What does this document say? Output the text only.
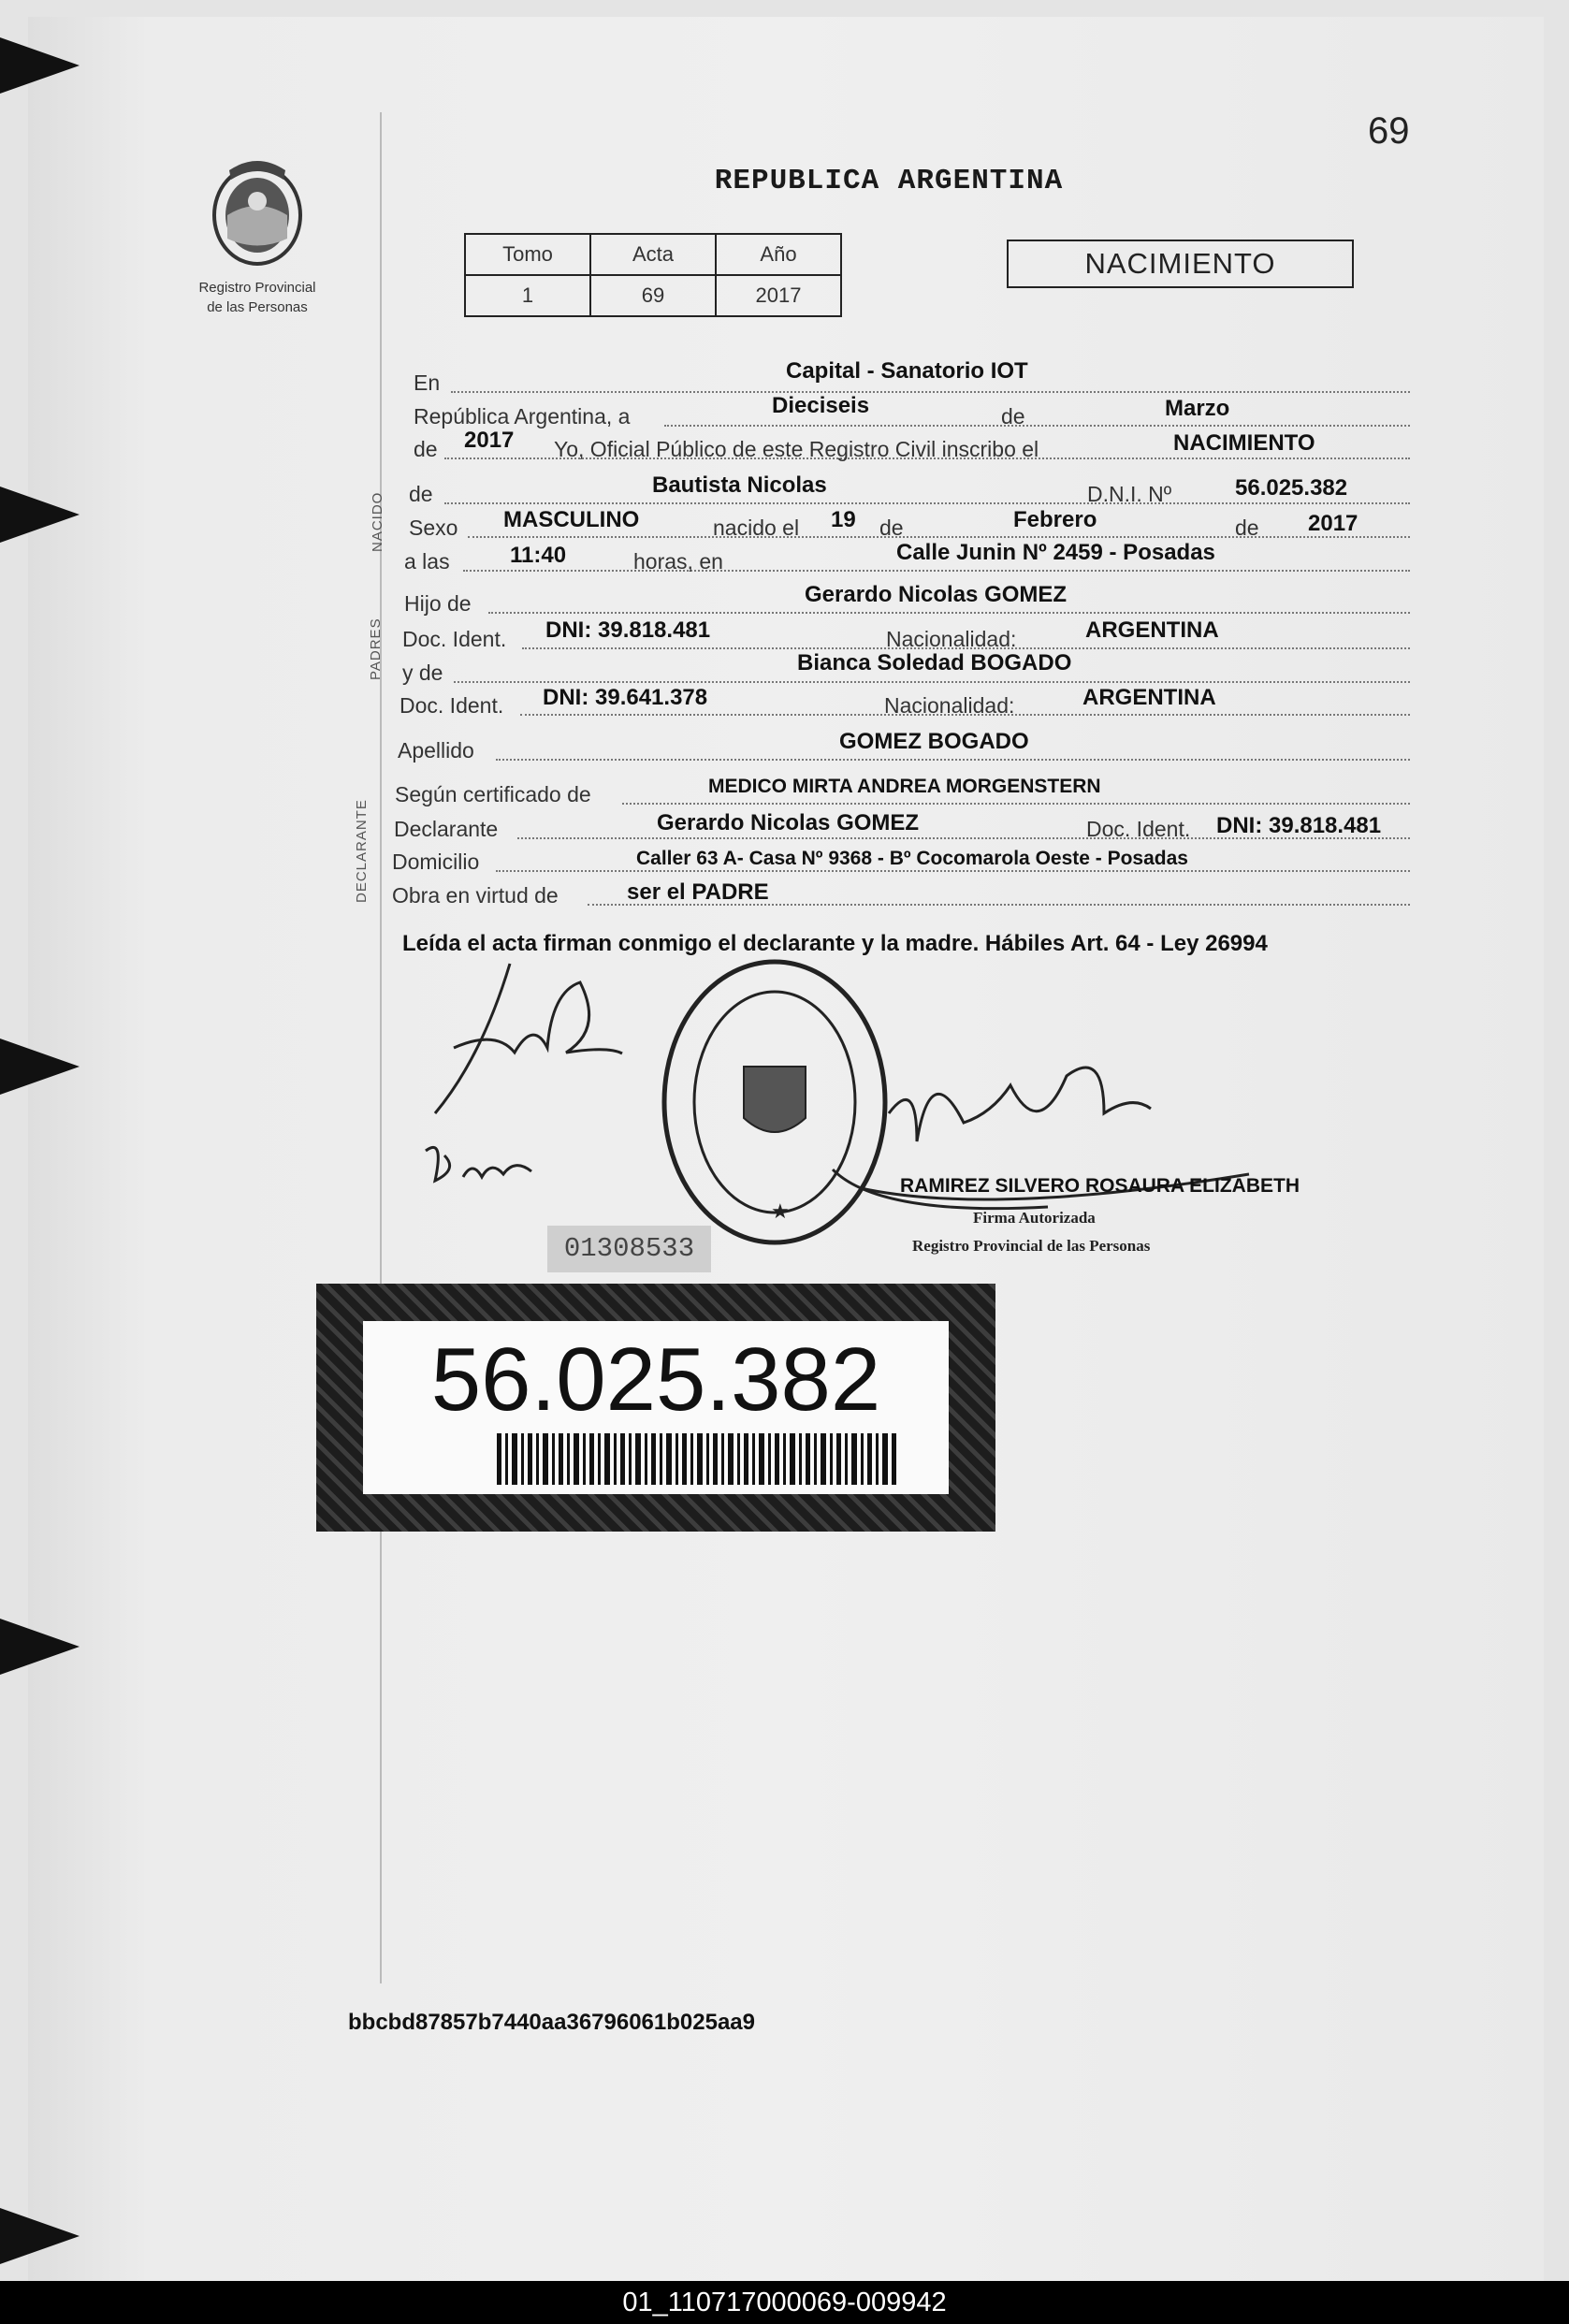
69
Registro Provincial
de las Personas
REPUBLICA ARGENTINA
Tomo	Acta	Año
1	69	2017
NACIMIENTO
NACIDO
PADRES
DECLARANTE
En	Capital - Sanatorio IOT
República Argentina, a	Dieciseis	de	Marzo
de 2017 Yo, Oficial Público de este Registro Civil inscribo el	NACIMIENTO
de	Bautista Nicolas	D.N.I. Nº	56.025.382
Sexo MASCULINO	nacido el 19 de	Febrero	de 2017
a las	11:40	horas, en	Calle Junin Nº 2459 - Posadas
Hijo de	Gerardo Nicolas GOMEZ
Doc. Ident. DNI: 39.818.481	Nacionalidad:	ARGENTINA
y de	Bianca Soledad BOGADO
Doc. Ident. DNI: 39.641.378	Nacionalidad:	ARGENTINA
Apellido	GOMEZ BOGADO
Según certificado de	MEDICO MIRTA ANDREA MORGENSTERN
Declarante	Gerardo Nicolas GOMEZ	Doc. Ident. DNI: 39.818.481
Domicilio	Caller 63 A- Casa Nº 9368 - Bº Cocomarola Oeste - Posadas
Obra en virtud de	ser el PADRE
Leída el acta firman conmigo el declarante y la madre. Hábiles Art. 64 - Ley 26994
★
RAMIREZ SILVERO ROSAURA ELIZABETH
Firma Autorizada
Registro Provincial de las Personas
01308533
56.025.382
bbcbd87857b7440aa36796061b025aa9
01_110717000069-009942
